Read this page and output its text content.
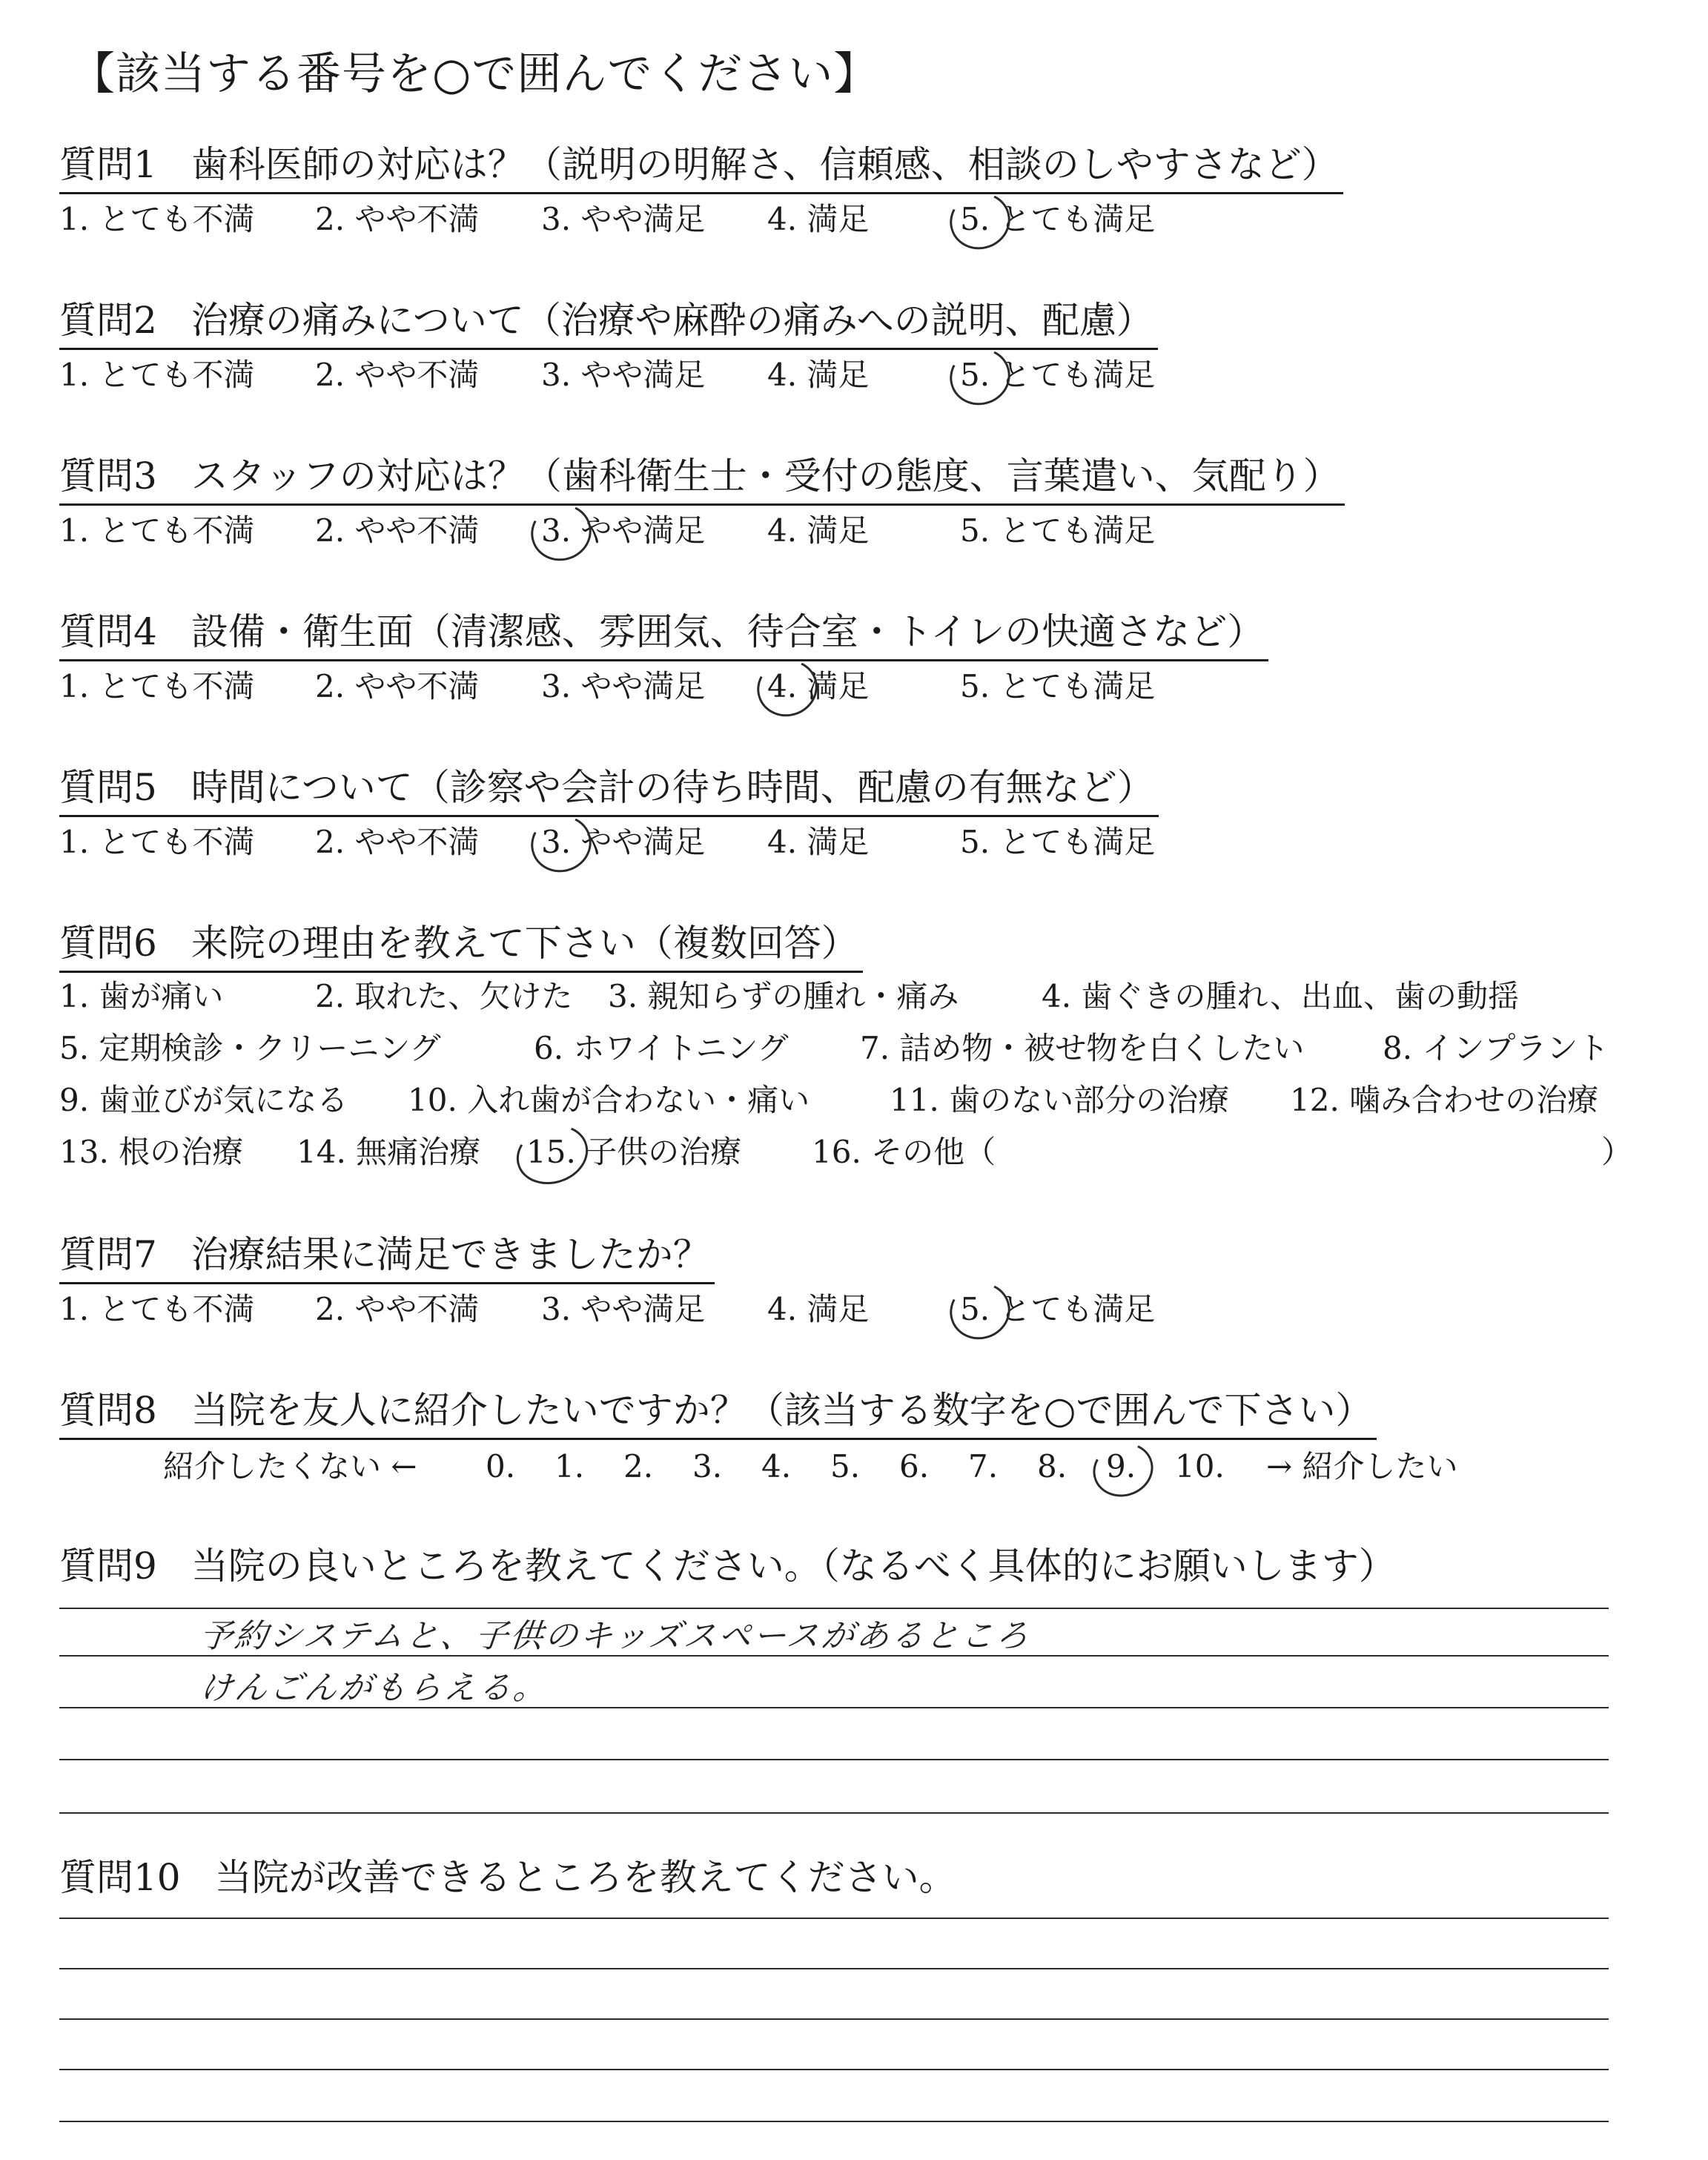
【該当する番号を○で囲んでください】
質問1 歯科医師の対応は？（説明の明解さ、信頼感、相談のしやすさなど）
1. とても不満 2. やや不満 3. やや満足 4. 満足	5. とても満足
質問2 治療の痛みについて（治療や麻酔の痛みへの説明、配慮）
1. とても不満 2. やや不満 3. やや満足 4. 満足	5. とても満足
質問3 スタッフの対応は？（歯科衛生士・受付の態度、言葉遣い、気配り）
1. とても不満 2. やや不満 3. やや満足 4. 満足	5. とても満足
質問4 設備・衛生面（清潔感、雰囲気、待合室・トイレの快適さなど）
1. とても不満 2. やや不満 3. やや満足 4. 満足	5. とても満足
質問5 時間について（診察や会計の待ち時間、配慮の有無など）
1. とても不満 2. やや不満 3. やや満足 4. 満足	5. とても満足
質問6 来院の理由を教えて下さい（複数回答）
1. 歯が痛い	2. 取れた、欠けた 3. 親知らずの腫れ・痛み	4. 歯ぐきの腫れ、出血、歯の動揺
5. 定期検診・クリーニング	6. ホワイトニング 7. 詰め物・被せ物を白くしたい	8. インプラント
9. 歯並びが気になる 10. 入れ歯が合わない・痛い	11. 歯のない部分の治療 12. 噛み合わせの治療
13. 根の治療 14. 無痛治療 15. 子供の治療 16. その他（	）
質問7 治療結果に満足できましたか？
1. とても不満 2. やや不満 3. やや満足 4. 満足	5. とても満足
質問8 当院を友人に紹介したいですか？（該当する数字を○で囲んで下さい）
紹介したくない ← 0. 1. 2. 3. 4. 5. 6. 7. 8. 9. 10. → 紹介したい
質問9 当院の良いところを教えてください。（なるべく具体的にお願いします）
予約システムと、子供のキッズスペースがあるところ
けんごんがもらえる。
質問10 当院が改善できるところを教えてください。
